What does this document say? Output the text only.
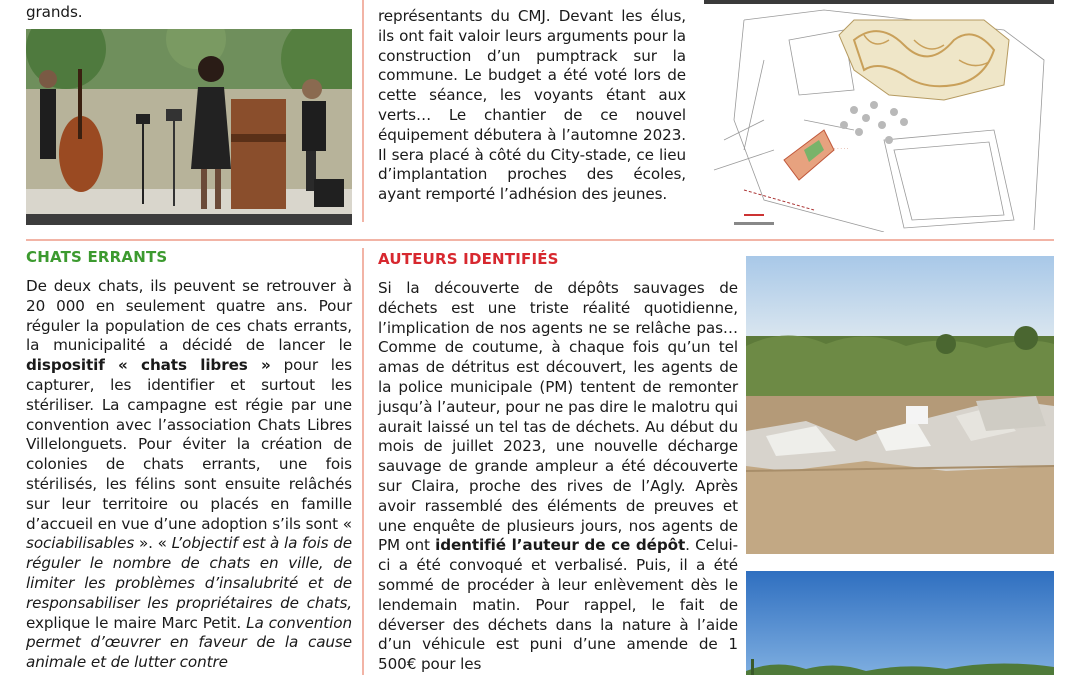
grands.	représentants du CMJ. Devant les élus, ils ont fait valoir leurs arguments pour la construction d’un pumptrack sur la commune. Le budget a été voté lors de cette séance, les voyants étant aux verts… Le chantier de ce nouvel équipement débutera à l’automne 2023. Il sera placé à côté du City-stade, ce lieu d’implantation proches des écoles, ayant remporté l’adhésion des jeunes.

· · · · ·
CHATS ERRANTS

De deux chats, ils peuvent se retrouver à 20 000 en seulement quatre ans. Pour réguler la population de ces chats errants, la municipalité a décidé de lancer le dispositif « chats libres » pour les capturer, les identifier et surtout les stériliser. La campagne est régie par une convention avec l’association Chats Libres Villelonguets. Pour éviter la création de colonies de chats errants, une fois stérilisés, les félins sont ensuite relâchés sur leur territoire ou placés en famille d’accueil en vue d’une adoption s’ils sont « sociabilisables ». « L’objectif est à la fois de réguler le nombre de chats en ville, de limiter les problèmes d’insalubrité et de responsabiliser les propriétaires de chats, explique le maire Marc Petit. La convention permet d’œuvrer en faveur de la cause animale et de lutter contre

AUTEURS IDENTIFIÉS

Si la découverte de dépôts sauvages de déchets est une triste réalité quotidienne, l’implication de nos agents ne se relâche pas… Comme de coutume, à chaque fois qu’un tel amas de détritus est découvert, les agents de la police municipale (PM) tentent de remonter jusqu’à l’auteur, pour ne pas dire le malotru qui aurait laissé un tel tas de déchets. Au début du mois de juillet 2023, une nouvelle décharge sauvage de grande ampleur a été découverte sur Claira, proche des rives de l’Agly. Après avoir rassemblé des éléments de preuves et une enquête de plusieurs jours, nos agents de PM ont identifié l’auteur de ce dépôt. Celui-ci a été convoqué et verbalisé. Puis, il a été sommé de procéder à leur enlèvement dès le lendemain matin. Pour rappel, le fait de déverser des déchets dans la nature à l’aide d’un véhicule est puni d’une amende de 1 500€ pour les
